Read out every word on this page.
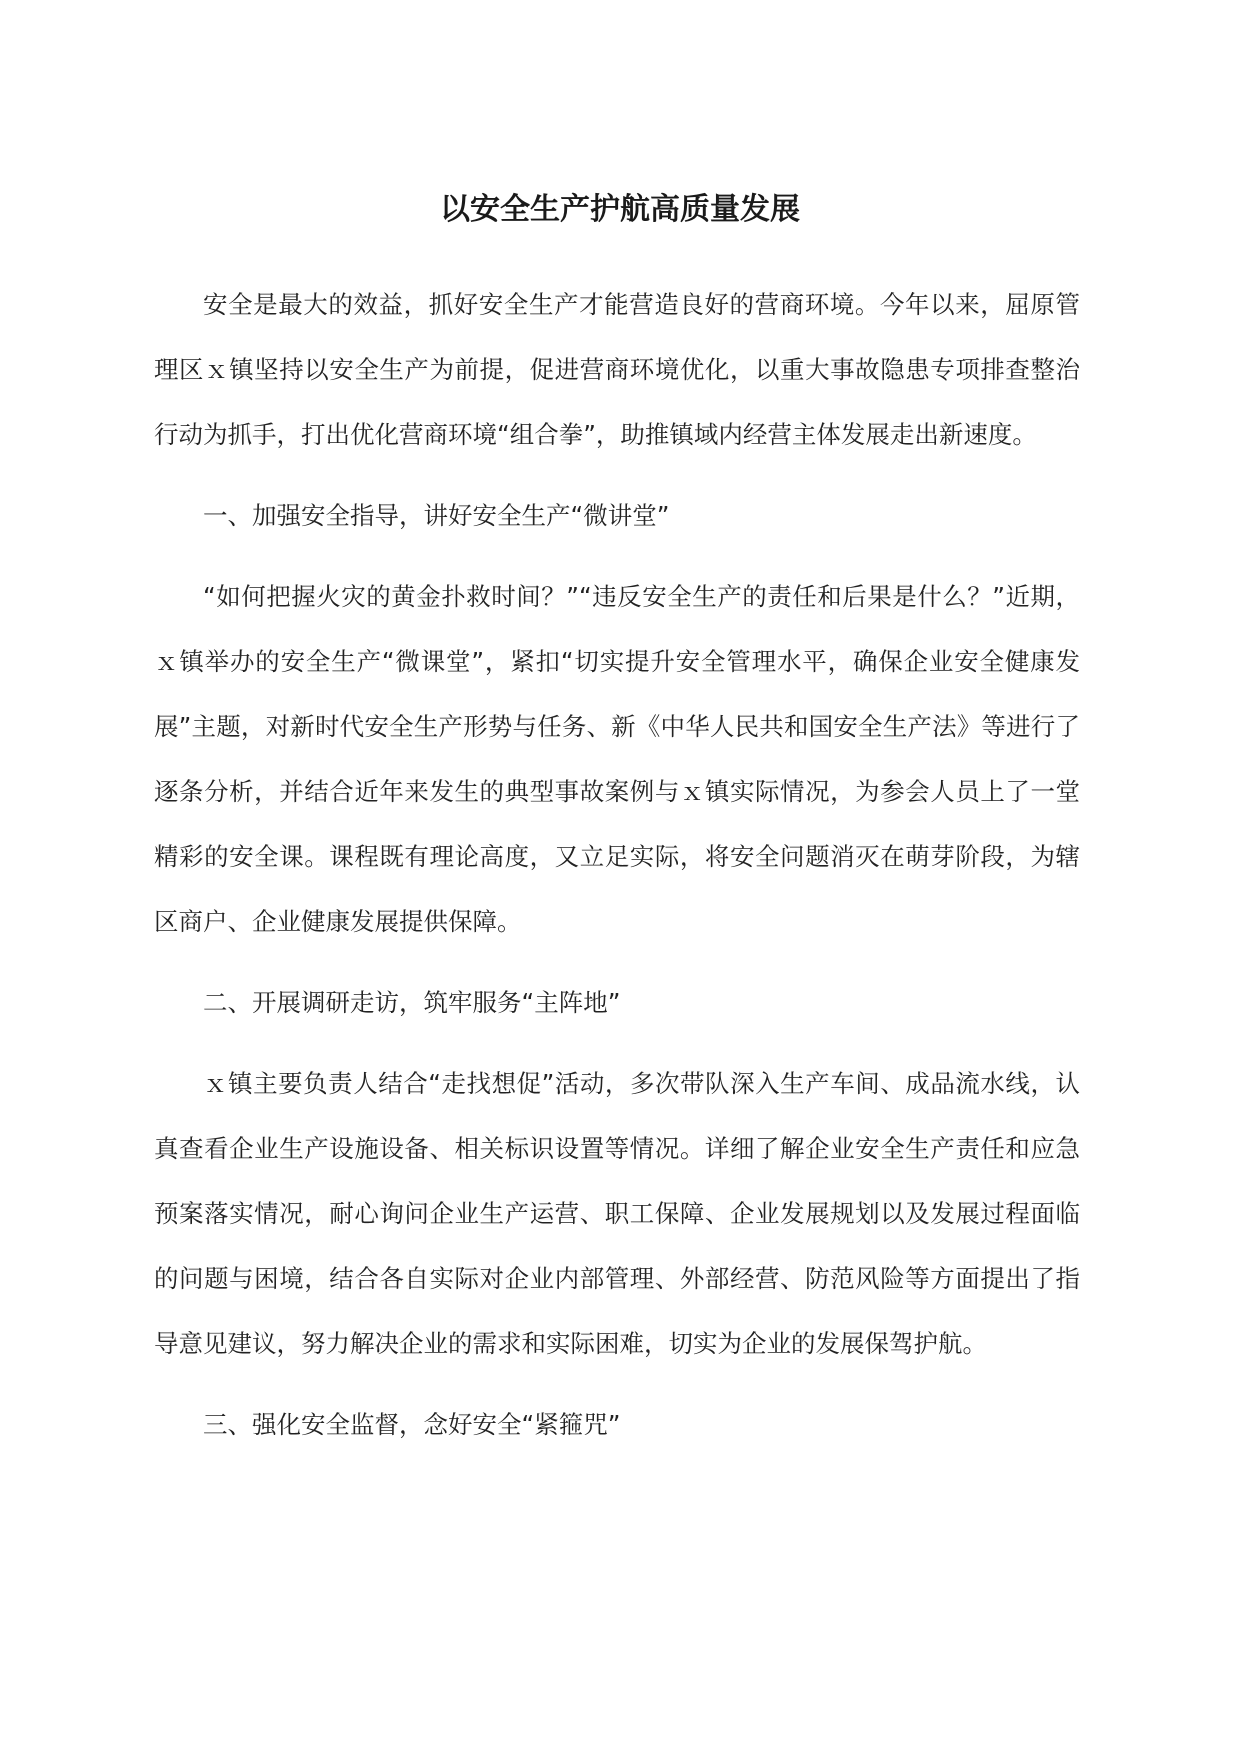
以安全生产护航高质量发展

安全是最大的效益，抓好安全生产才能营造良好的营商环境。今年以来，屈原管理区ｘ镇坚持以安全生产为前提，促进营商环境优化，以重大事故隐患专项排查整治行动为抓手，打出优化营商环境“组合拳”，助推镇域内经营主体发展走出新速度。

一、加强安全指导，讲好安全生产“微讲堂”

“如何把握火灾的黄金扑救时间？”“违反安全生产的责任和后果是什么？”近期，ｘ镇举办的安全生产“微课堂”，紧扣“切实提升安全管理水平，确保企业安全健康发展”主题，对新时代安全生产形势与任务、新《中华人民共和国安全生产法》等进行了逐条分析，并结合近年来发生的典型事故案例与ｘ镇实际情况，为参会人员上了一堂精彩的安全课。课程既有理论高度，又立足实际，将安全问题消灭在萌芽阶段，为辖区商户、企业健康发展提供保障。

二、开展调研走访，筑牢服务“主阵地”

ｘ镇主要负责人结合“走找想促”活动，多次带队深入生产车间、成品流水线，认真查看企业生产设施设备、相关标识设置等情况。详细了解企业安全生产责任和应急预案落实情况，耐心询问企业生产运营、职工保障、企业发展规划以及发展过程面临的问题与困境，结合各自实际对企业内部管理、外部经营、防范风险等方面提出了指导意见建议，努力解决企业的需求和实际困难，切实为企业的发展保驾护航。

三、强化安全监督，念好安全“紧箍咒”
